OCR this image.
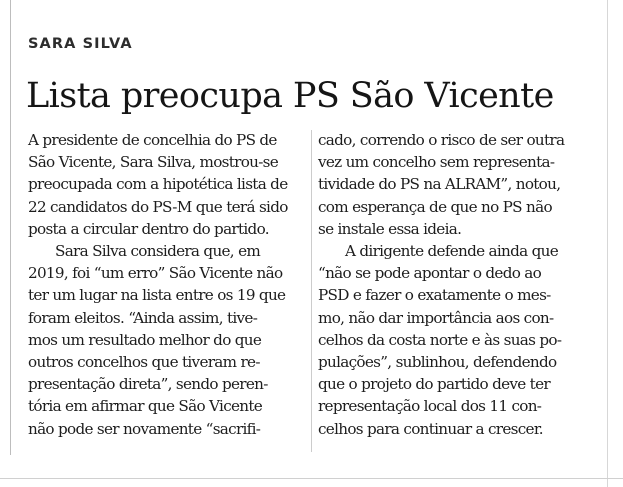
SARA SILVA
Lista preocupa PS São Vicente
A presidente de concelhia do PS de
São Vicente, Sara Silva, mostrou-se
preocupada com a hipotética lista de
22 candidatos do PS-M que terá sido
posta a circular dentro do partido.
Sara Silva considera que, em
2019, foi “um erro” São Vicente não
ter um lugar na lista entre os 19 que
foram eleitos. “Ainda assim, tive-
mos um resultado melhor do que
outros concelhos que tiveram re-
presentação direta”, sendo peren-
tória em afirmar que São Vicente
não pode ser novamente “sacrifi-
cado, correndo o risco de ser outra
vez um concelho sem representa-
tividade do PS na ALRAM”, notou,
com esperança de que no PS não
se instale essa ideia.
A dirigente defende ainda que
“não se pode apontar o dedo ao
PSD e fazer o exatamente o mes-
mo, não dar importância aos con-
celhos da costa norte e às suas po-
pulações”, sublinhou, defendendo
que o projeto do partido deve ter
representação local dos 11 con-
celhos para continuar a crescer.
